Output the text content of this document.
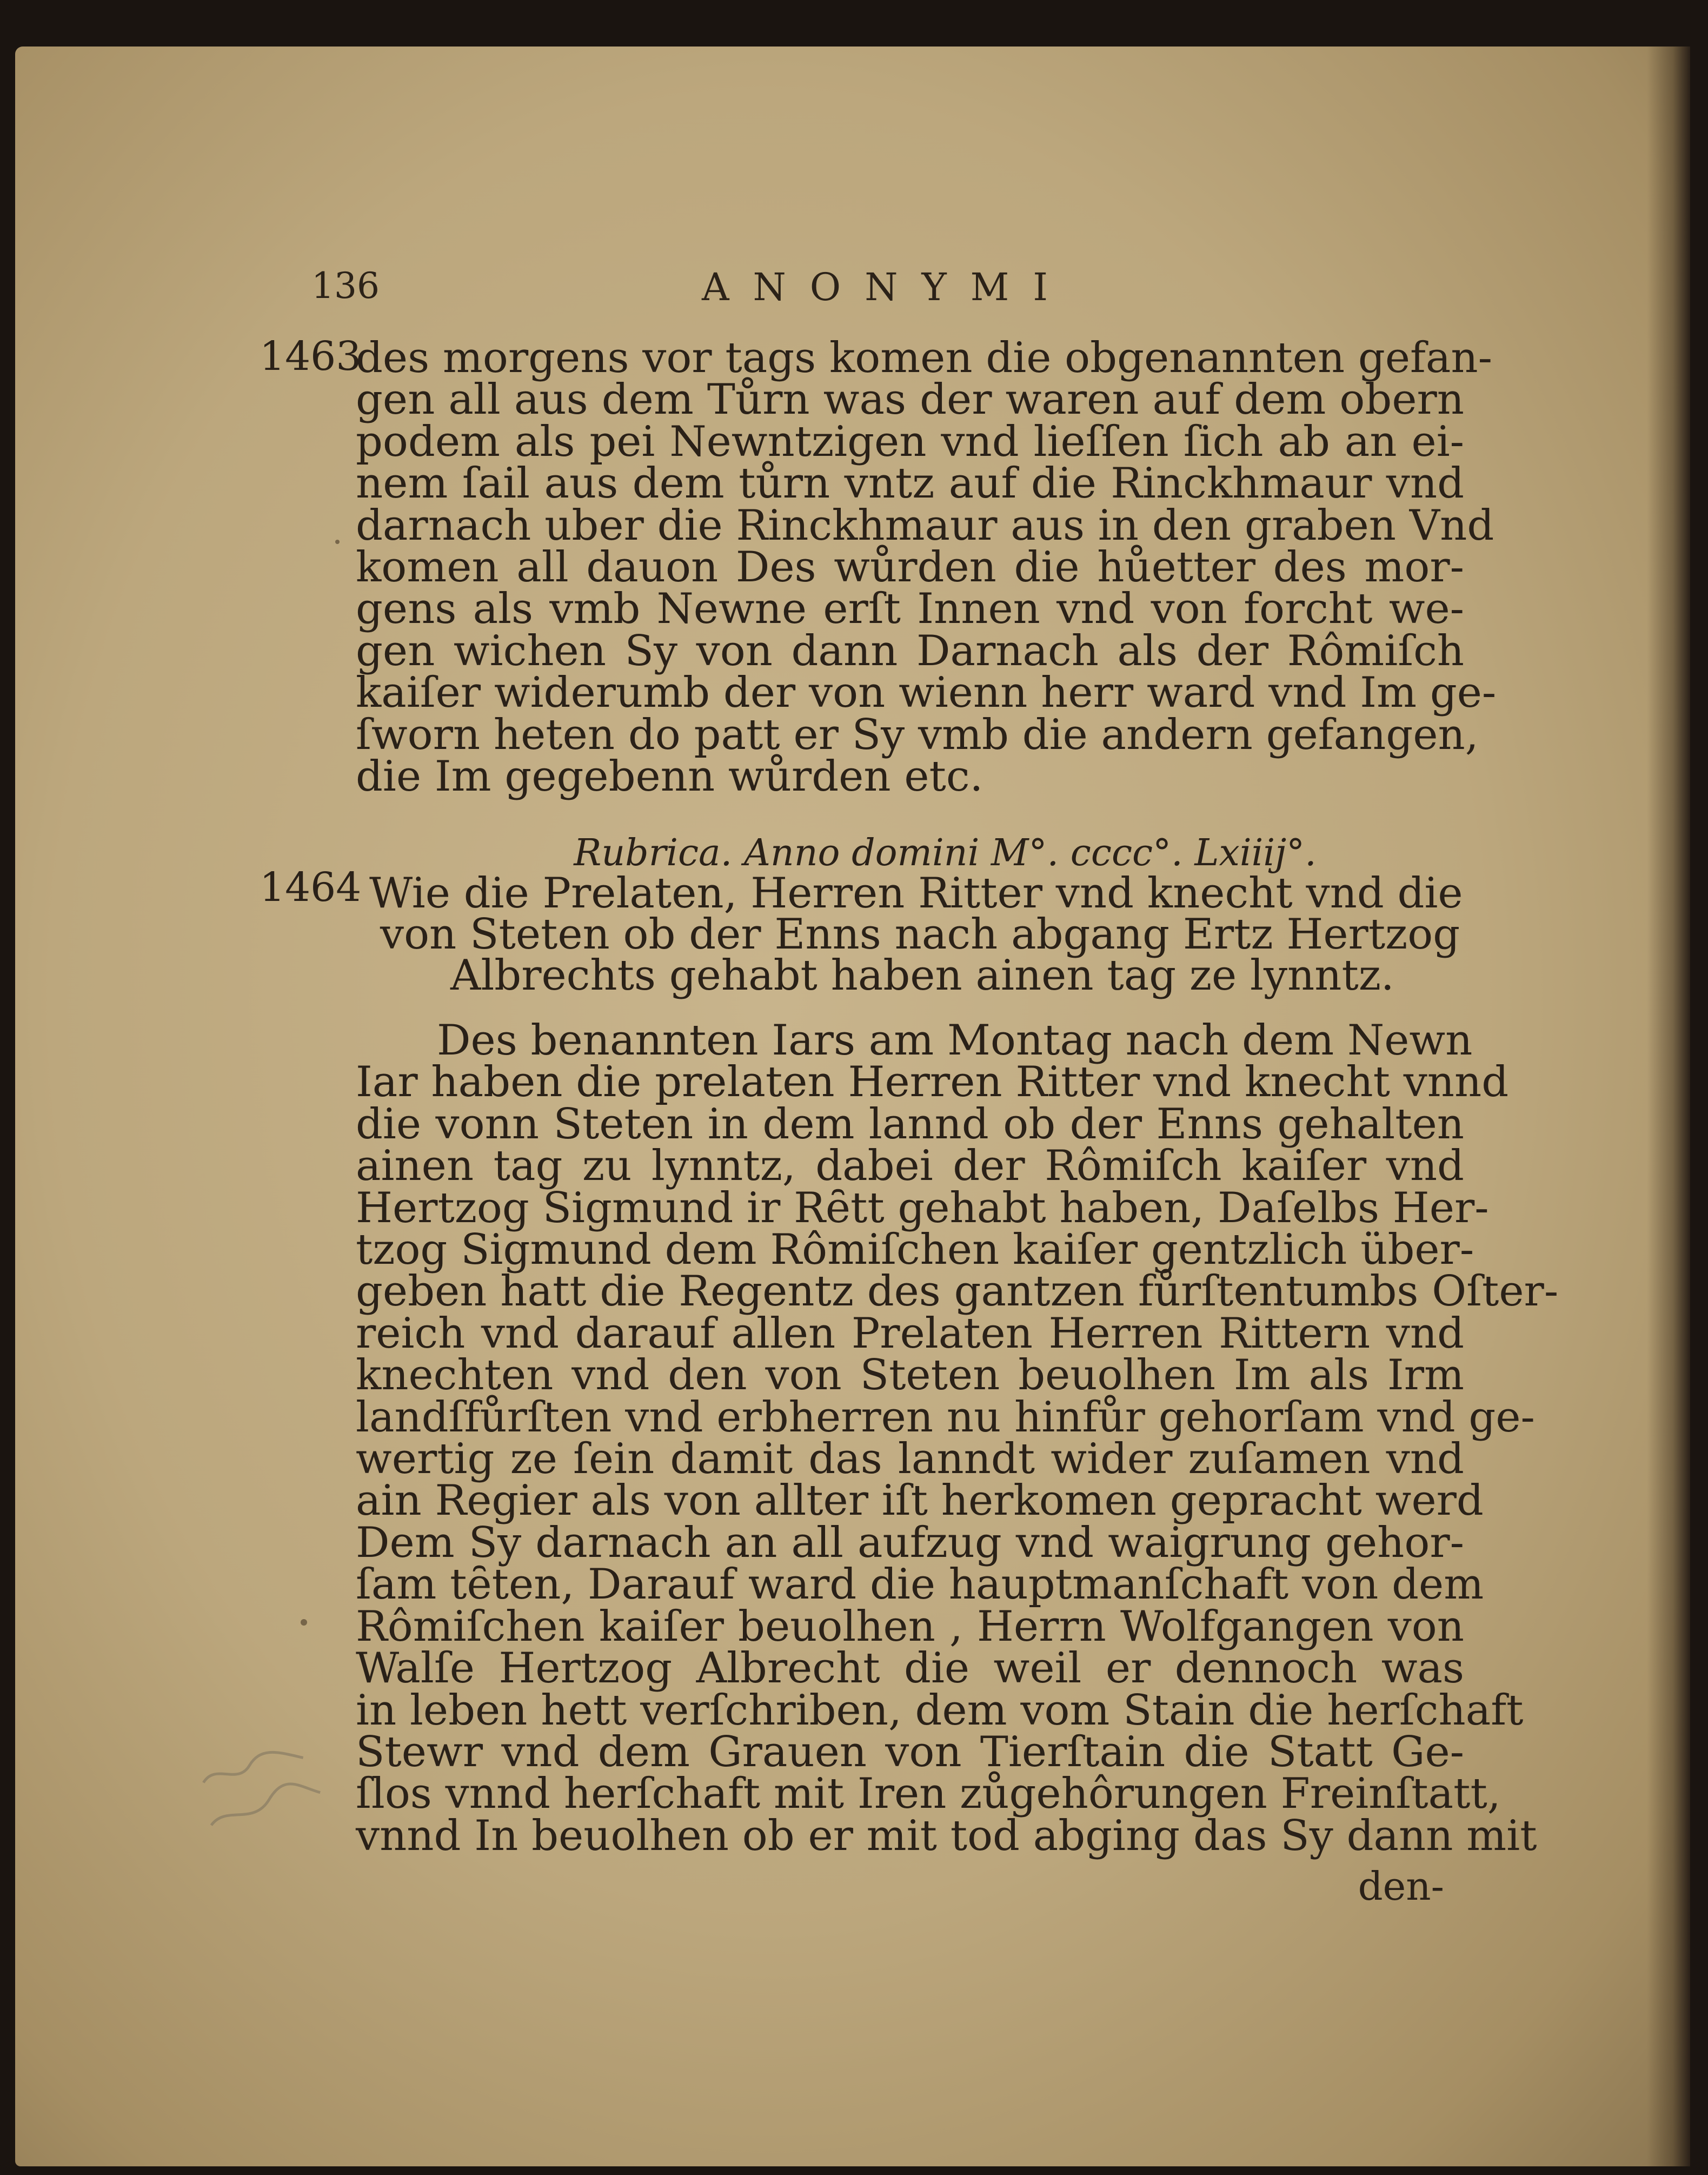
136	ANONYMI
1463
des morgens vor tags komen die obgenannten gefan-
gen all aus dem Tůrn was der waren auf dem obern
podem als pei Newntzigen vnd lieſſen ſich ab an ei-
nem ſail aus dem tůrn vntz auf die Rinckhmaur vnd
darnach uber die Rinckhmaur aus in den graben Vnd
komen all dauon Des wůrden die hůetter des mor-
gens als vmb Newne erſt Innen vnd von forcht we-
gen wichen Sy von dann Darnach als der Rômiſch
kaiſer widerumb der von wienn herr ward vnd Im ge-
ſworn heten do patt er Sy vmb die andern gefangen,
die Im gegebenn wůrden etc.
Rubrica. Anno domini M°. cccc°. Lxiiij°.
1464 Wie die Prelaten, Herren Ritter vnd knecht vnd die
von Steten ob der Enns nach abgang Ertz Hertzog
Albrechts gehabt haben ainen tag ze lynntz.
Des benannten Iars am Montag nach dem Newn
Iar haben die prelaten Herren Ritter vnd knecht vnnd
die vonn Steten in dem lannd ob der Enns gehalten
ainen tag zu lynntz, dabei der Rômiſch kaiſer vnd
Hertzog Sigmund ir Rȇtt gehabt haben, Daſelbs Her-
tzog Sigmund dem Rômiſchen kaiſer gentzlich über-
geben hatt die Regentz des gantzen fůrſtentumbs Oſter-
reich vnd darauf allen Prelaten Herren Rittern vnd
knechten vnd den von Steten beuolhen Im als Irm
landſfůrſten vnd erbherren nu hinfůr gehorſam vnd ge-
wertig ze ſein damit das lanndt wider zuſamen vnd
ain Regier als von allter iſt herkomen gepracht werd
Dem Sy darnach an all aufzug vnd waigrung gehor-
ſam tȇten, Darauf ward die hauptmanſchaft von dem
Rômiſchen kaiſer beuolhen , Herrn Wolfgangen von
Walſe Hertzog Albrecht die weil er dennoch was
in leben hett verſchriben, dem vom Stain die herſchaft
Stewr vnd dem Grauen von Tierſtain die Statt Ge-
ſlos vnnd herſchaft mit Iren zůgehôrungen Freinſtatt,
vnnd In beuolhen ob er mit tod abging das Sy dann mit
den-
